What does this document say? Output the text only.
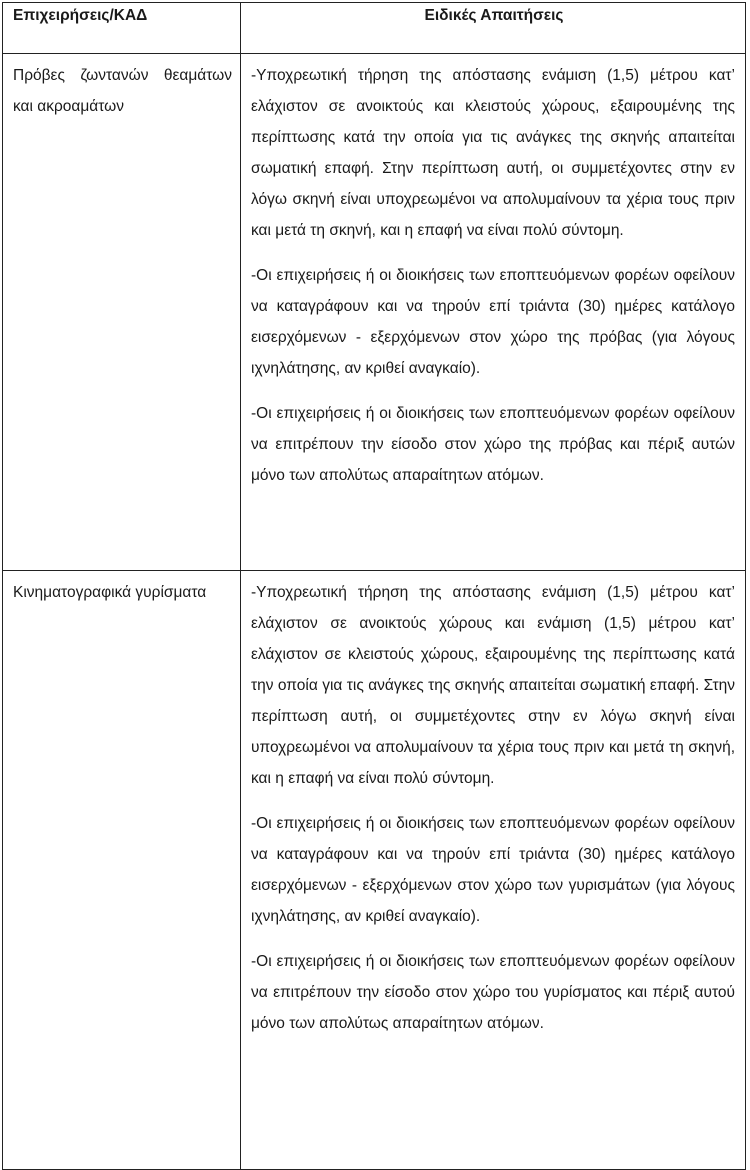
Επιχειρήσεις/ΚΑΔ	Ειδικές Απαιτήσεις
Πρόβες ζωντανών θεαμάτων και ακροαμάτων	-Υποχρεωτική τήρηση της απόστασης ενάμιση (1,5) μέτρου κατ’ ελάχιστον σε ανοικτούς και κλειστούς χώρους, εξαιρουμένης της περίπτωσης κατά την οποία για τις ανάγκες της σκηνής απαιτείται σωματική επαφή. Στην περίπτωση αυτή, οι συμμετέχοντες στην εν λόγω σκηνή είναι υποχρεωμένοι να απολυμαίνουν τα χέρια τους πριν και μετά τη σκηνή, και η επαφή να είναι πολύ σύντομη.

-Οι επιχειρήσεις ή οι διοικήσεις των εποπτευόμενων φορέων οφείλουν να καταγράφουν και να τηρούν επί τριάντα (30) ημέρες κατάλογο εισερχόμενων - εξερχόμενων στον χώρο της πρόβας (για λόγους ιχνηλάτησης, αν κριθεί αναγκαίο).

-Οι επιχειρήσεις ή οι διοικήσεις των εποπτευόμενων φορέων οφείλουν να επιτρέπουν την είσοδο στον χώρο της πρόβας και πέριξ αυτών μόνο των απολύτως απαραίτητων ατόμων.

Κινηματογραφικά γυρίσματα	-Υποχρεωτική τήρηση της απόστασης ενάμιση (1,5) μέτρου κατ’ ελάχιστον σε ανοικτούς χώρους και ενάμιση (1,5) μέτρου κατ’ ελάχιστον σε κλειστούς χώρους, εξαιρουμένης της περίπτωσης κατά την οποία για τις ανάγκες της σκηνής απαιτείται σωματική επαφή. Στην περίπτωση αυτή, οι συμμετέχοντες στην εν λόγω σκηνή είναι υποχρεωμένοι να απολυμαίνουν τα χέρια τους πριν και μετά τη σκηνή, και η επαφή να είναι πολύ σύντομη.

-Οι επιχειρήσεις ή οι διοικήσεις των εποπτευόμενων φορέων οφείλουν να καταγράφουν και να τηρούν επί τριάντα (30) ημέρες κατάλογο εισερχόμενων - εξερχόμενων στον χώρο των γυρισμάτων (για λόγους ιχνηλάτησης, αν κριθεί αναγκαίο).

-Οι επιχειρήσεις ή οι διοικήσεις των εποπτευόμενων φορέων οφείλουν να επιτρέπουν την είσοδο στον χώρο του γυρίσματος και πέριξ αυτού μόνο των απολύτως απαραίτητων ατόμων.
